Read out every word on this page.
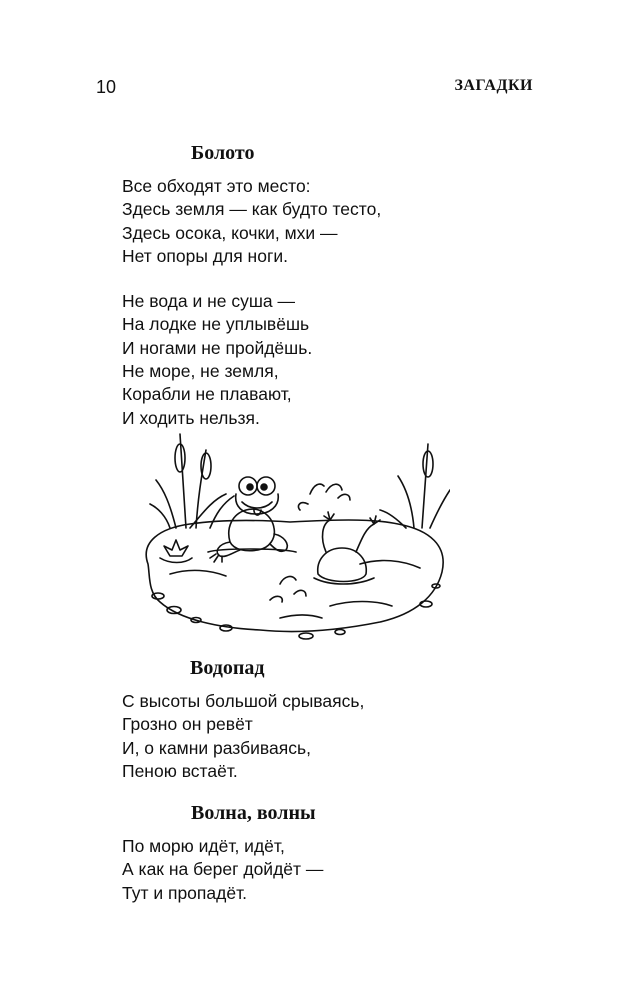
10	ЗАГАДКИ
Болото

Все обходят это место:
Здесь земля — как будто тесто,
Здесь осока, кочки, мхи —
Нет опоры для ноги.

Не вода и не суша —
На лодке не уплывёшь
И ногами не пройдёшь.
Не море, не земля,
Корабли не плавают,
И ходить нельзя.

Водопад

С высоты большой срываясь,
Грозно он ревёт
И, о камни разбиваясь,
Пеною встаёт.

Волна, волны

По морю идёт, идёт,
А как на берег дойдёт —
Тут и пропадёт.
